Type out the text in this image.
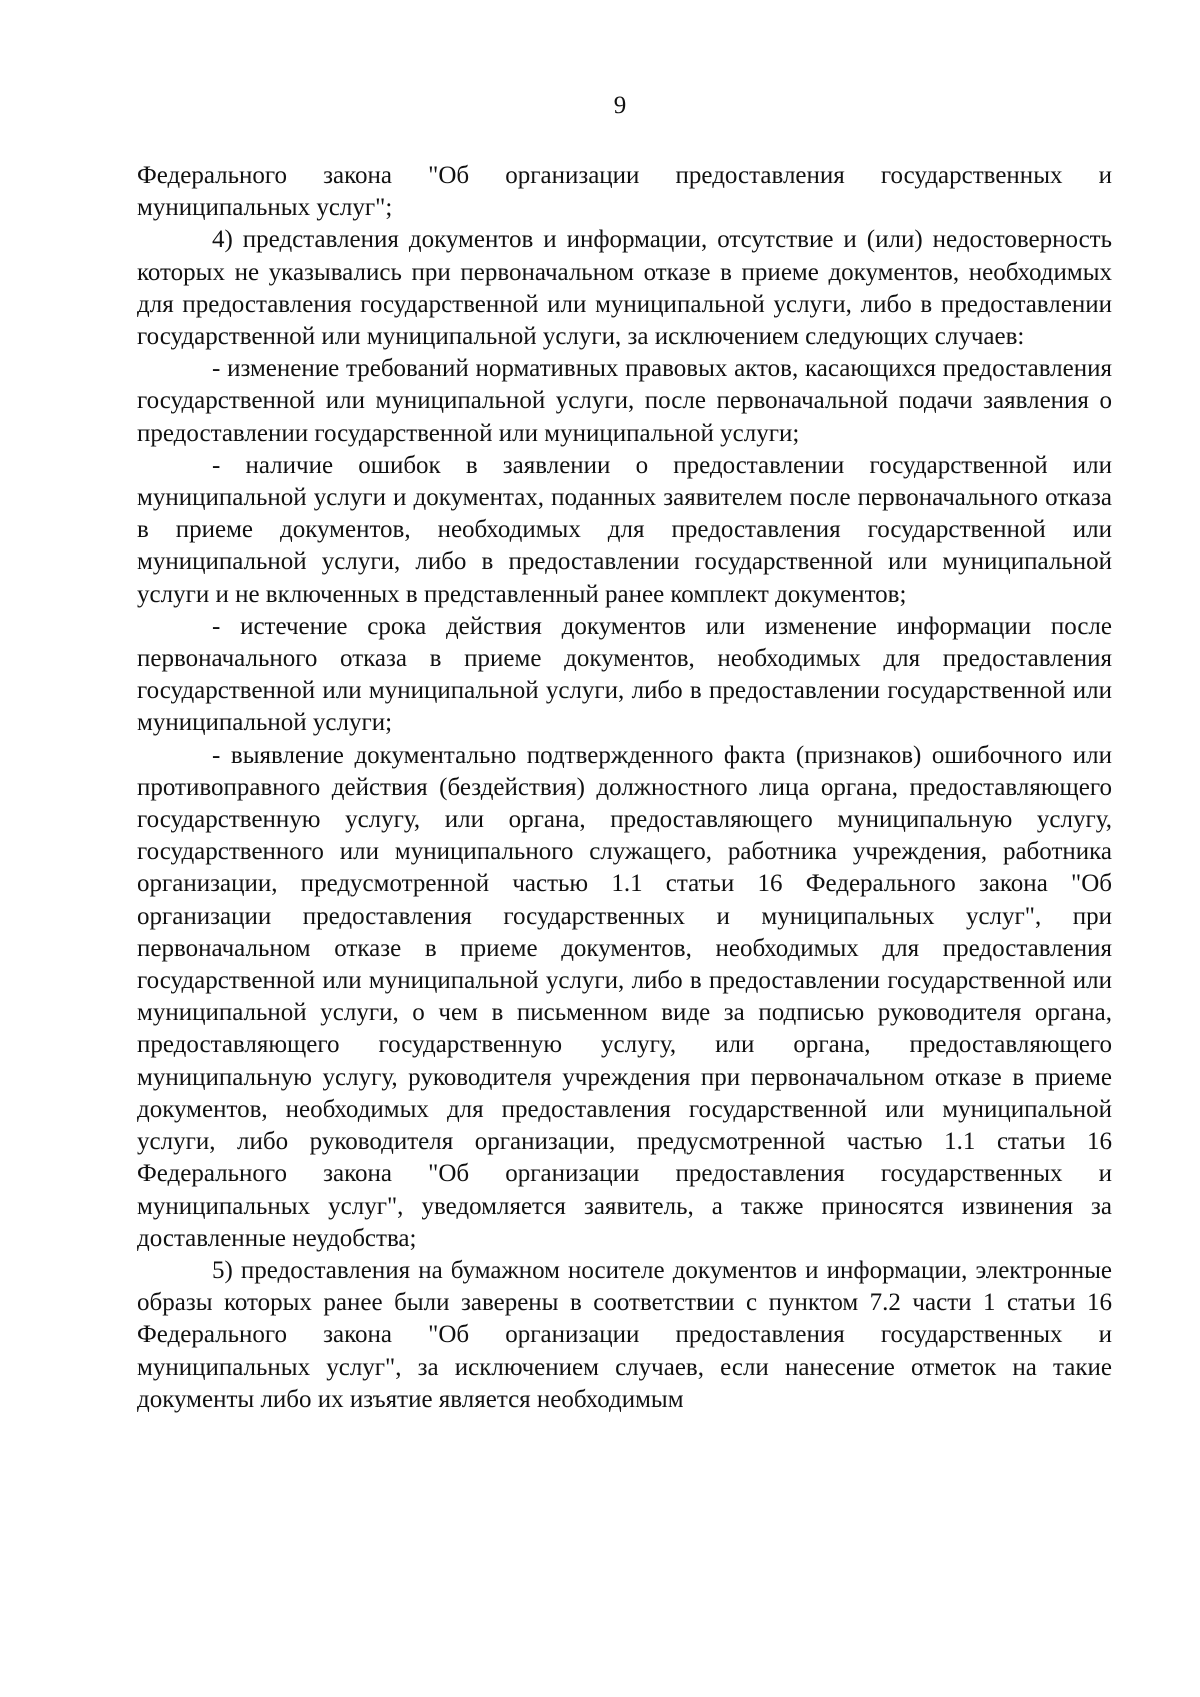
9

Федерального закона "Об организации предоставления государственных и муниципальных услуг";

4) представления документов и информации, отсутствие и (или) недостоверность которых не указывались при первоначальном отказе в приеме документов, необходимых для предоставления государственной или муниципальной услуги, либо в предоставлении государственной или муниципальной услуги, за исключением следующих случаев:

- изменение требований нормативных правовых актов, касающихся предоставления государственной или муниципальной услуги, после первоначальной подачи заявления о предоставлении государственной или муниципальной услуги;

- наличие ошибок в заявлении о предоставлении государственной или муниципальной услуги и документах, поданных заявителем после первоначального отказа в приеме документов, необходимых для предоставления государственной или муниципальной услуги, либо в предоставлении государственной или муниципальной услуги и не включенных в представленный ранее комплект документов;

- истечение срока действия документов или изменение информации после первоначального отказа в приеме документов, необходимых для предоставления государственной или муниципальной услуги, либо в предоставлении государственной или муниципальной услуги;

- выявление документально подтвержденного факта (признаков) ошибочного или противоправного действия (бездействия) должностного лица органа, предоставляющего государственную услугу, или органа, предоставляющего муниципальную услугу, государственного или муниципального служащего, работника учреждения, работника организации, предусмотренной частью 1.1 статьи 16 Федерального закона "Об организации предоставления государственных и муниципальных услуг", при первоначальном отказе в приеме документов, необходимых для предоставления государственной или муниципальной услуги, либо в предоставлении государственной или муниципальной услуги, о чем в письменном виде за подписью руководителя органа, предоставляющего государственную услугу, или органа, предоставляющего муниципальную услугу, руководителя учреждения при первоначальном отказе в приеме документов, необходимых для предоставления государственной или муниципальной услуги, либо руководителя организации, предусмотренной частью 1.1 статьи 16 Федерального закона "Об организации предоставления государственных и муниципальных услуг", уведомляется заявитель, а также приносятся извинения за доставленные неудобства;

5) предоставления на бумажном носителе документов и информации, электронные образы которых ранее были заверены в соответствии с пунктом 7.2 части 1 статьи 16 Федерального закона "Об организации предоставления государственных и муниципальных услуг", за исключением случаев, если нанесение отметок на такие документы либо их изъятие является необходимым
